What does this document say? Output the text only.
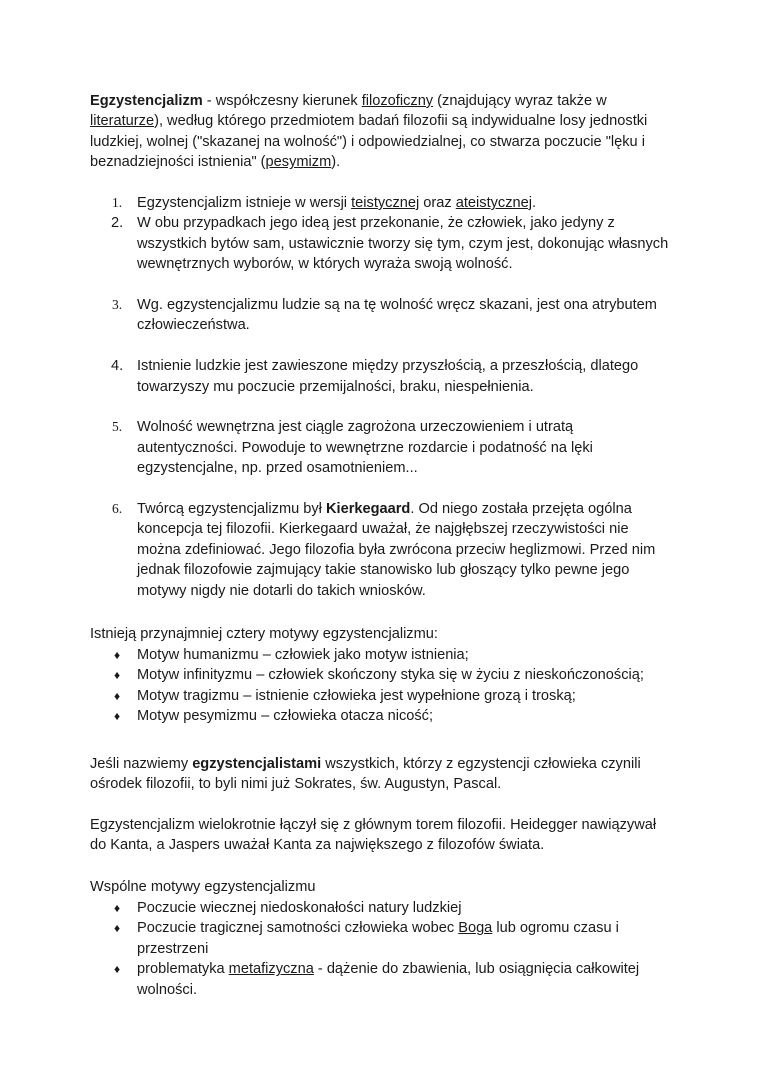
Egzystencjalizm - współczesny kierunek filozoficzny (znajdujący wyraz także w literaturze), według którego przedmiotem badań filozofii są indywidualne losy jednostki ludzkiej, wolnej ("skazanej na wolność") i odpowiedzialnej, co stwarza poczucie "lęku i beznadziejności istnienia" (pesymizm).

1. Egzystencjalizm istnieje w wersji teistycznej oraz ateistycznej.
2. W obu przypadkach jego ideą jest przekonanie, że człowiek, jako jedyny z wszystkich bytów sam, ustawicznie tworzy się tym, czym jest, dokonując własnych wewnętrznych wyborów, w których wyraża swoją wolność.
3. Wg. egzystencjalizmu ludzie są na tę wolność wręcz skazani, jest ona atrybutem człowieczeństwa.
4. Istnienie ludzkie jest zawieszone między przyszłością, a przeszłością, dlatego towarzyszy mu poczucie przemijalności, braku, niespełnienia.
5. Wolność wewnętrzna jest ciągle zagrożona urzeczowieniem i utratą autentyczności. Powoduje to wewnętrzne rozdarcie i podatność na lęki egzystencjalne, np. przed osamotnieniem...
6. Twórcą egzystencjalizmu był Kierkegaard. Od niego została przejęta ogólna koncepcja tej filozofii. Kierkegaard uważał, że najgłębszej rzeczywistości nie można zdefiniować. Jego filozofia była zwrócona przeciw heglizmowi. Przed nim jednak filozofowie zajmujący takie stanowisko lub głoszący tylko pewne jego motywy nigdy nie dotarli do takich wniosków.

Istnieją przynajmniej cztery motywy egzystencjalizmu:

♦ Motyw humanizmu – człowiek jako motyw istnienia;
♦ Motyw infinityzmu – człowiek skończony styka się w życiu z nieskończonością;
♦ Motyw tragizmu – istnienie człowieka jest wypełnione grozą i troską;
♦ Motyw pesymizmu – człowieka otacza nicość;

Jeśli nazwiemy egzystencjalistami wszystkich, którzy z egzystencji człowieka czynili ośrodek filozofii, to byli nimi już Sokrates, św. Augustyn, Pascal.

Egzystencjalizm wielokrotnie łączył się z głównym torem filozofii. Heidegger nawiązywał do Kanta, a Jaspers uważał Kanta za największego z filozofów świata.

Wspólne motywy egzystencjalizmu

♦ Poczucie wiecznej niedoskonałości natury ludzkiej
♦ Poczucie tragicznej samotności człowieka wobec Boga lub ogromu czasu i przestrzeni
♦ problematyka metafizyczna - dążenie do zbawienia, lub osiągnięcia całkowitej wolności.
